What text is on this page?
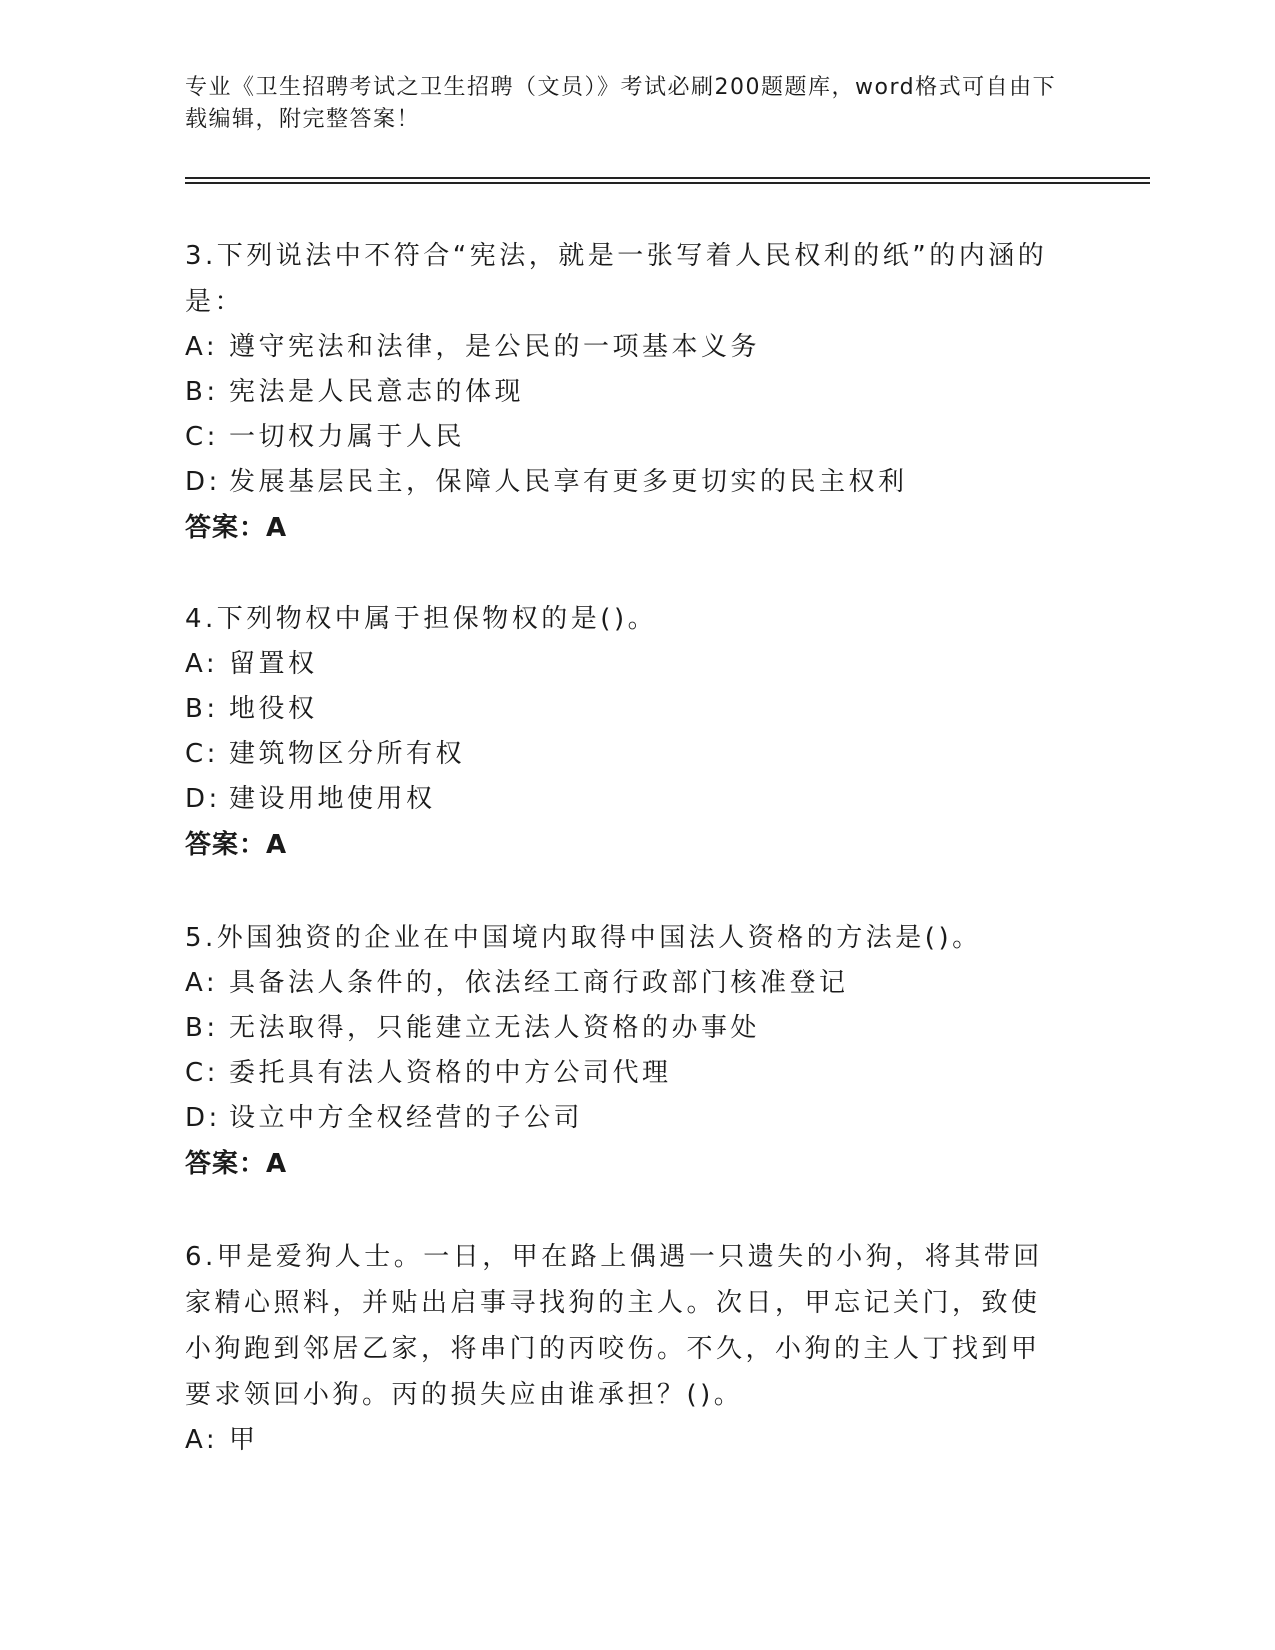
专业《卫生招聘考试之卫生招聘（文员）》考试必刷200题题库，word格式可自由下载编辑，附完整答案！
3.下列说法中不符合“宪法，就是一张写着人民权利的纸”的内涵的是：
A: 遵守宪法和法律，是公民的一项基本义务
B: 宪法是人民意志的体现
C: 一切权力属于人民
D: 发展基层民主，保障人民享有更多更切实的民主权利
答案：A
4.下列物权中属于担保物权的是()。
A: 留置权
B: 地役权
C: 建筑物区分所有权
D: 建设用地使用权
答案：A
5.外国独资的企业在中国境内取得中国法人资格的方法是()。
A: 具备法人条件的，依法经工商行政部门核准登记
B: 无法取得，只能建立无法人资格的办事处
C: 委托具有法人资格的中方公司代理
D: 设立中方全权经营的子公司
答案：A
6.甲是爱狗人士。一日，甲在路上偶遇一只遗失的小狗，将其带回家精心照料，并贴出启事寻找狗的主人。次日，甲忘记关门，致使小狗跑到邻居乙家，将串门的丙咬伤。不久，小狗的主人丁找到甲要求领回小狗。丙的损失应由谁承担？()。
A: 甲
